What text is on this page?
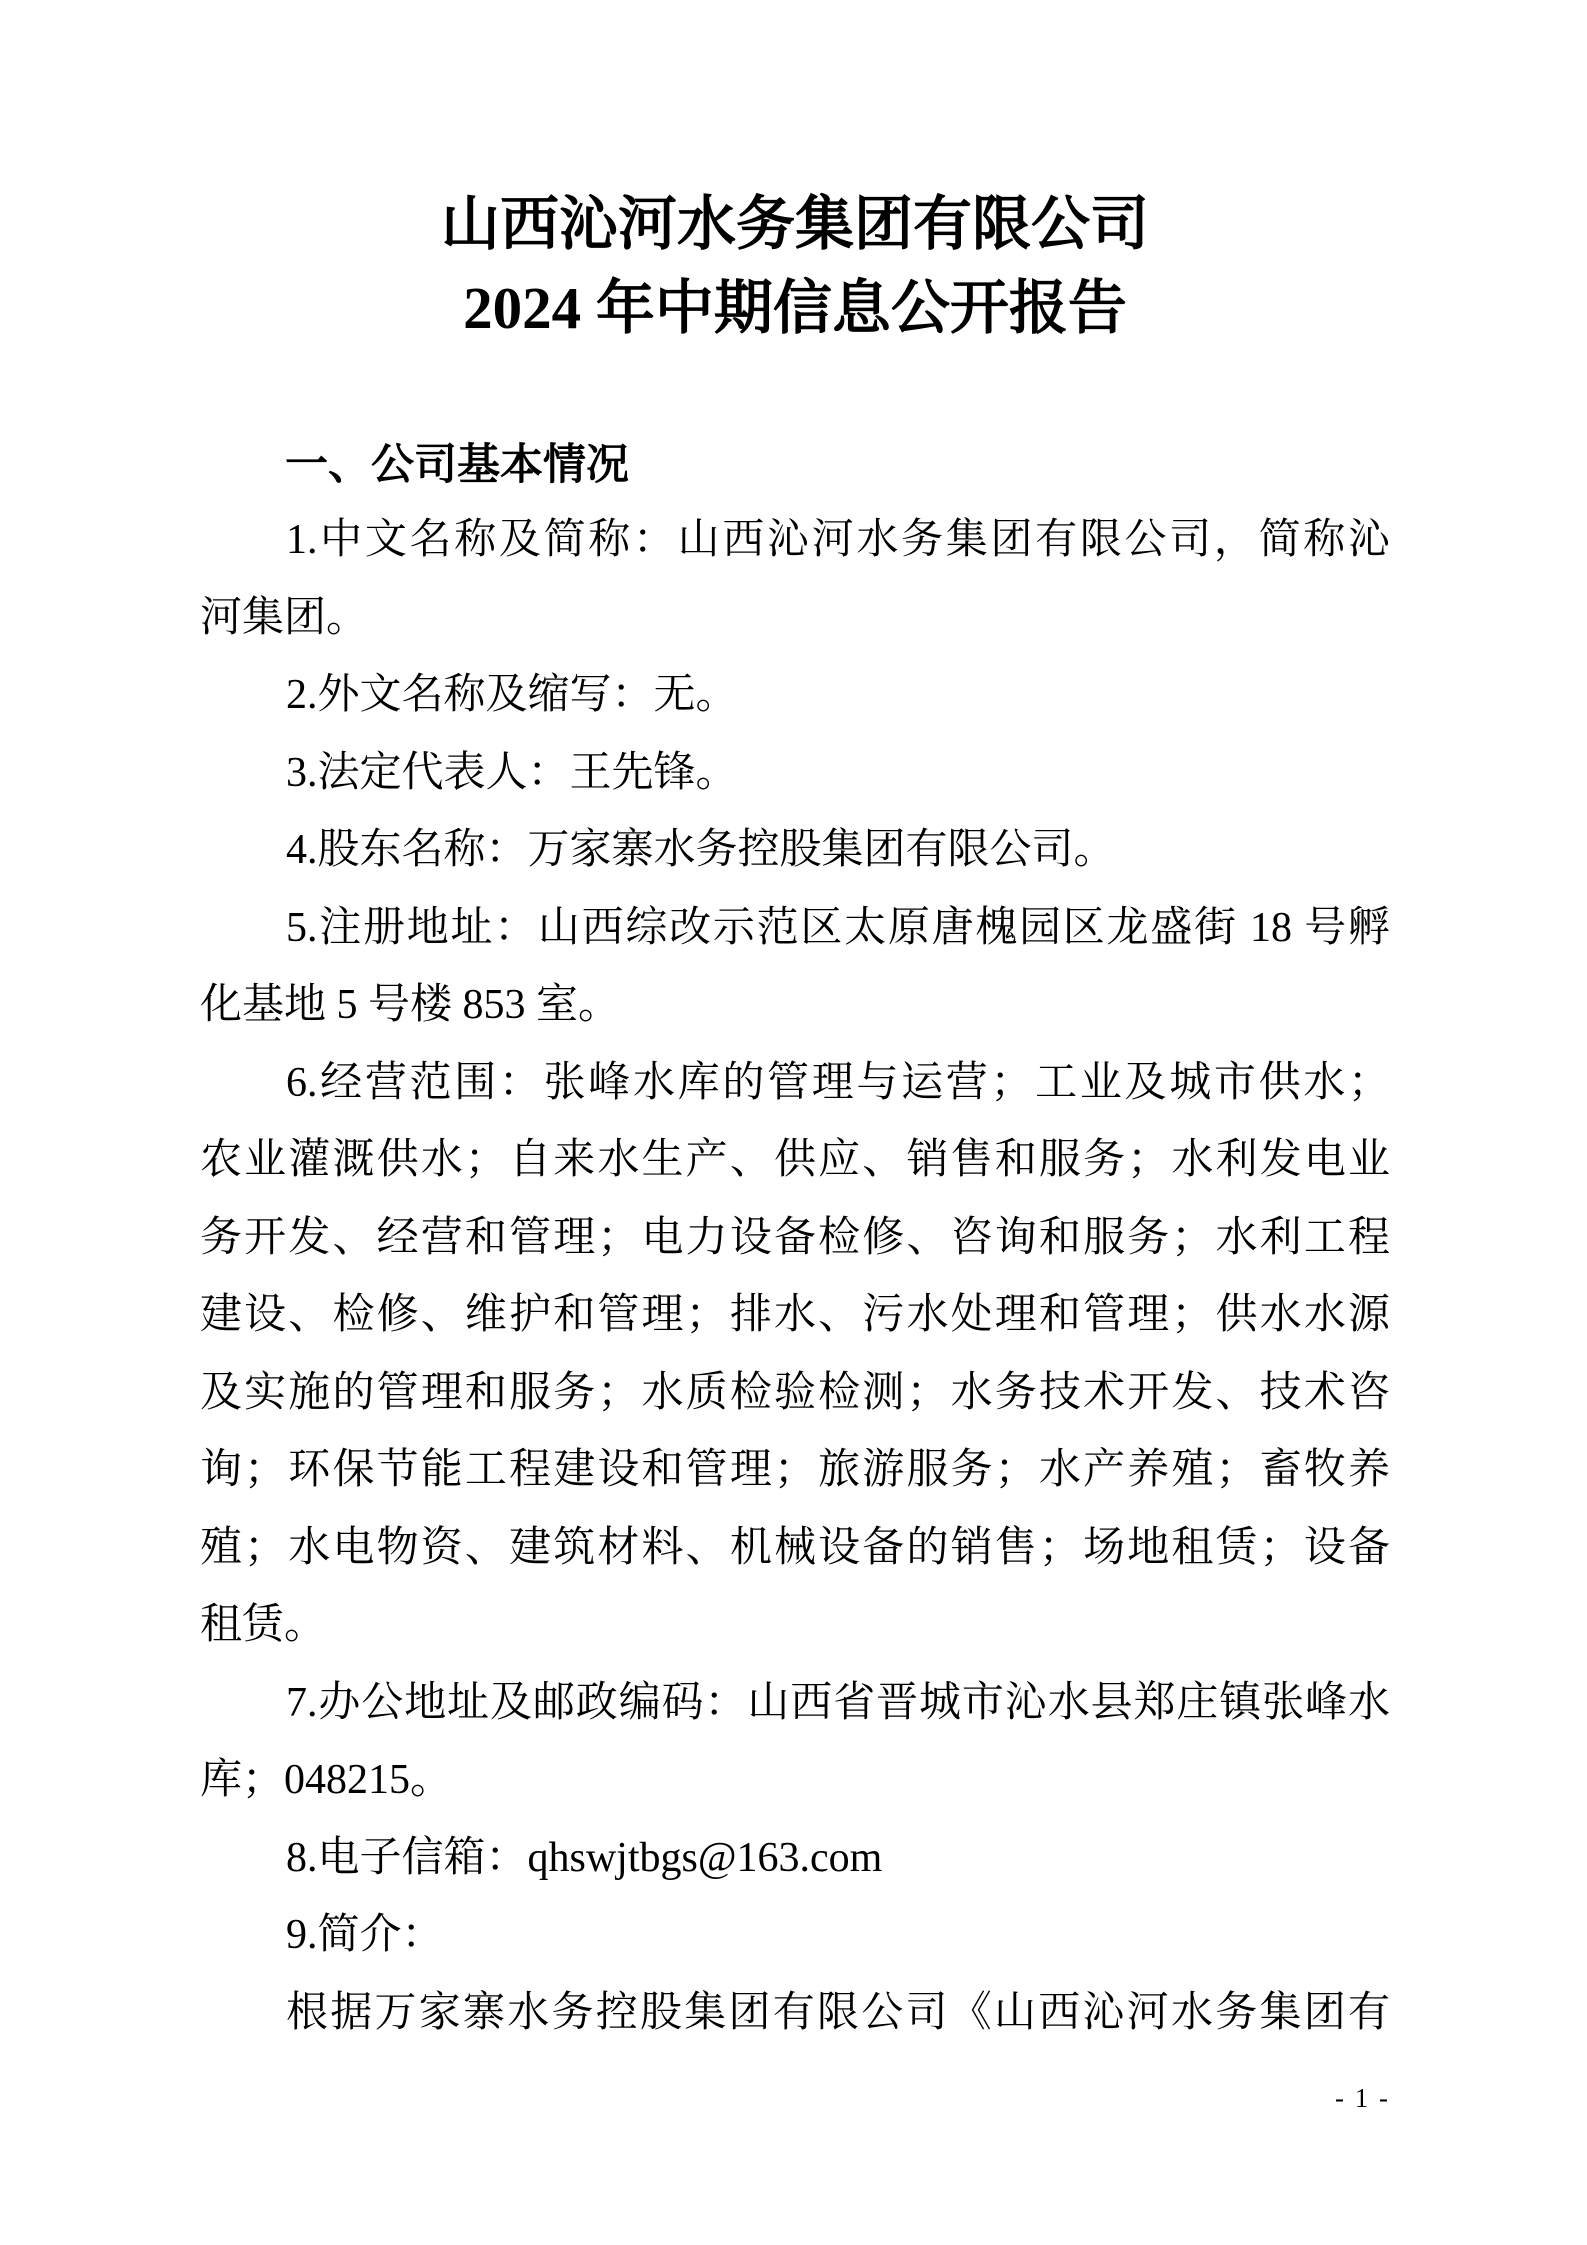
山西沁河水务集团有限公司
2024 年中期信息公开报告
一、公司基本情况
1.中文名称及简称：山西沁河水务集团有限公司，简称沁
河集团。
2.外文名称及缩写：无。
3.法定代表人：王先锋。
4.股东名称：万家寨水务控股集团有限公司。
5.注册地址：山西综改示范区太原唐槐园区龙盛街 18 号孵
化基地 5 号楼 853 室。
6.经营范围：张峰水库的管理与运营；工业及城市供水；
农业灌溉供水；自来水生产、供应、销售和服务；水利发电业
务开发、经营和管理；电力设备检修、咨询和服务；水利工程
建设、检修、维护和管理；排水、污水处理和管理；供水水源
及实施的管理和服务；水质检验检测；水务技术开发、技术咨
询；环保节能工程建设和管理；旅游服务；水产养殖；畜牧养
殖；水电物资、建筑材料、机械设备的销售；场地租赁；设备
租赁。
7.办公地址及邮政编码：山西省晋城市沁水县郑庄镇张峰水
库；048215。
8.电子信箱：qhswjtbgs@163.com
9.简介：
根据万家寨水务控股集团有限公司《山西沁河水务集团有
- 1 -
